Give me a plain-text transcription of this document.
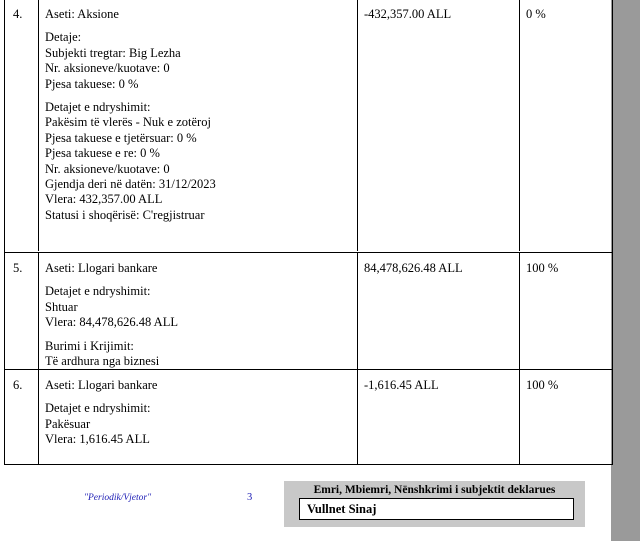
4. Aseti: Aksione
Detaje:
Subjekti tregtar: Big Lezha
Nr. aksioneve/kuotave: 0
Pjesa takuese: 0 %
Detajet e ndryshimit:
Pakësim të vlerës - Nuk e zotëroj
Pjesa takuese e tjetërsuar: 0 %
Pjesa takuese e re: 0 %
Nr. aksioneve/kuotave: 0
Gjendja deri në datën: 31/12/2023
Vlera: 432,357.00 ALL
Statusi i shoqërisë: C'regjistruar
-432,357.00 ALL	0 %
5. Aseti: Llogari bankare
Detajet e ndryshimit:
Shtuar
Vlera: 84,478,626.48 ALL
Burimi i Krijimit:
Të ardhura nga biznesi
84,478,626.48 ALL	100 %
6. Aseti: Llogari bankare
Detajet e ndryshimit:
Pakësuar
Vlera: 1,616.45 ALL
-1,616.45 ALL	100 %
"Periodik/Vjetor"	3
Emri, Mbiemri, Nënshkrimi i subjektit deklarues
Vullnet Sinaj
